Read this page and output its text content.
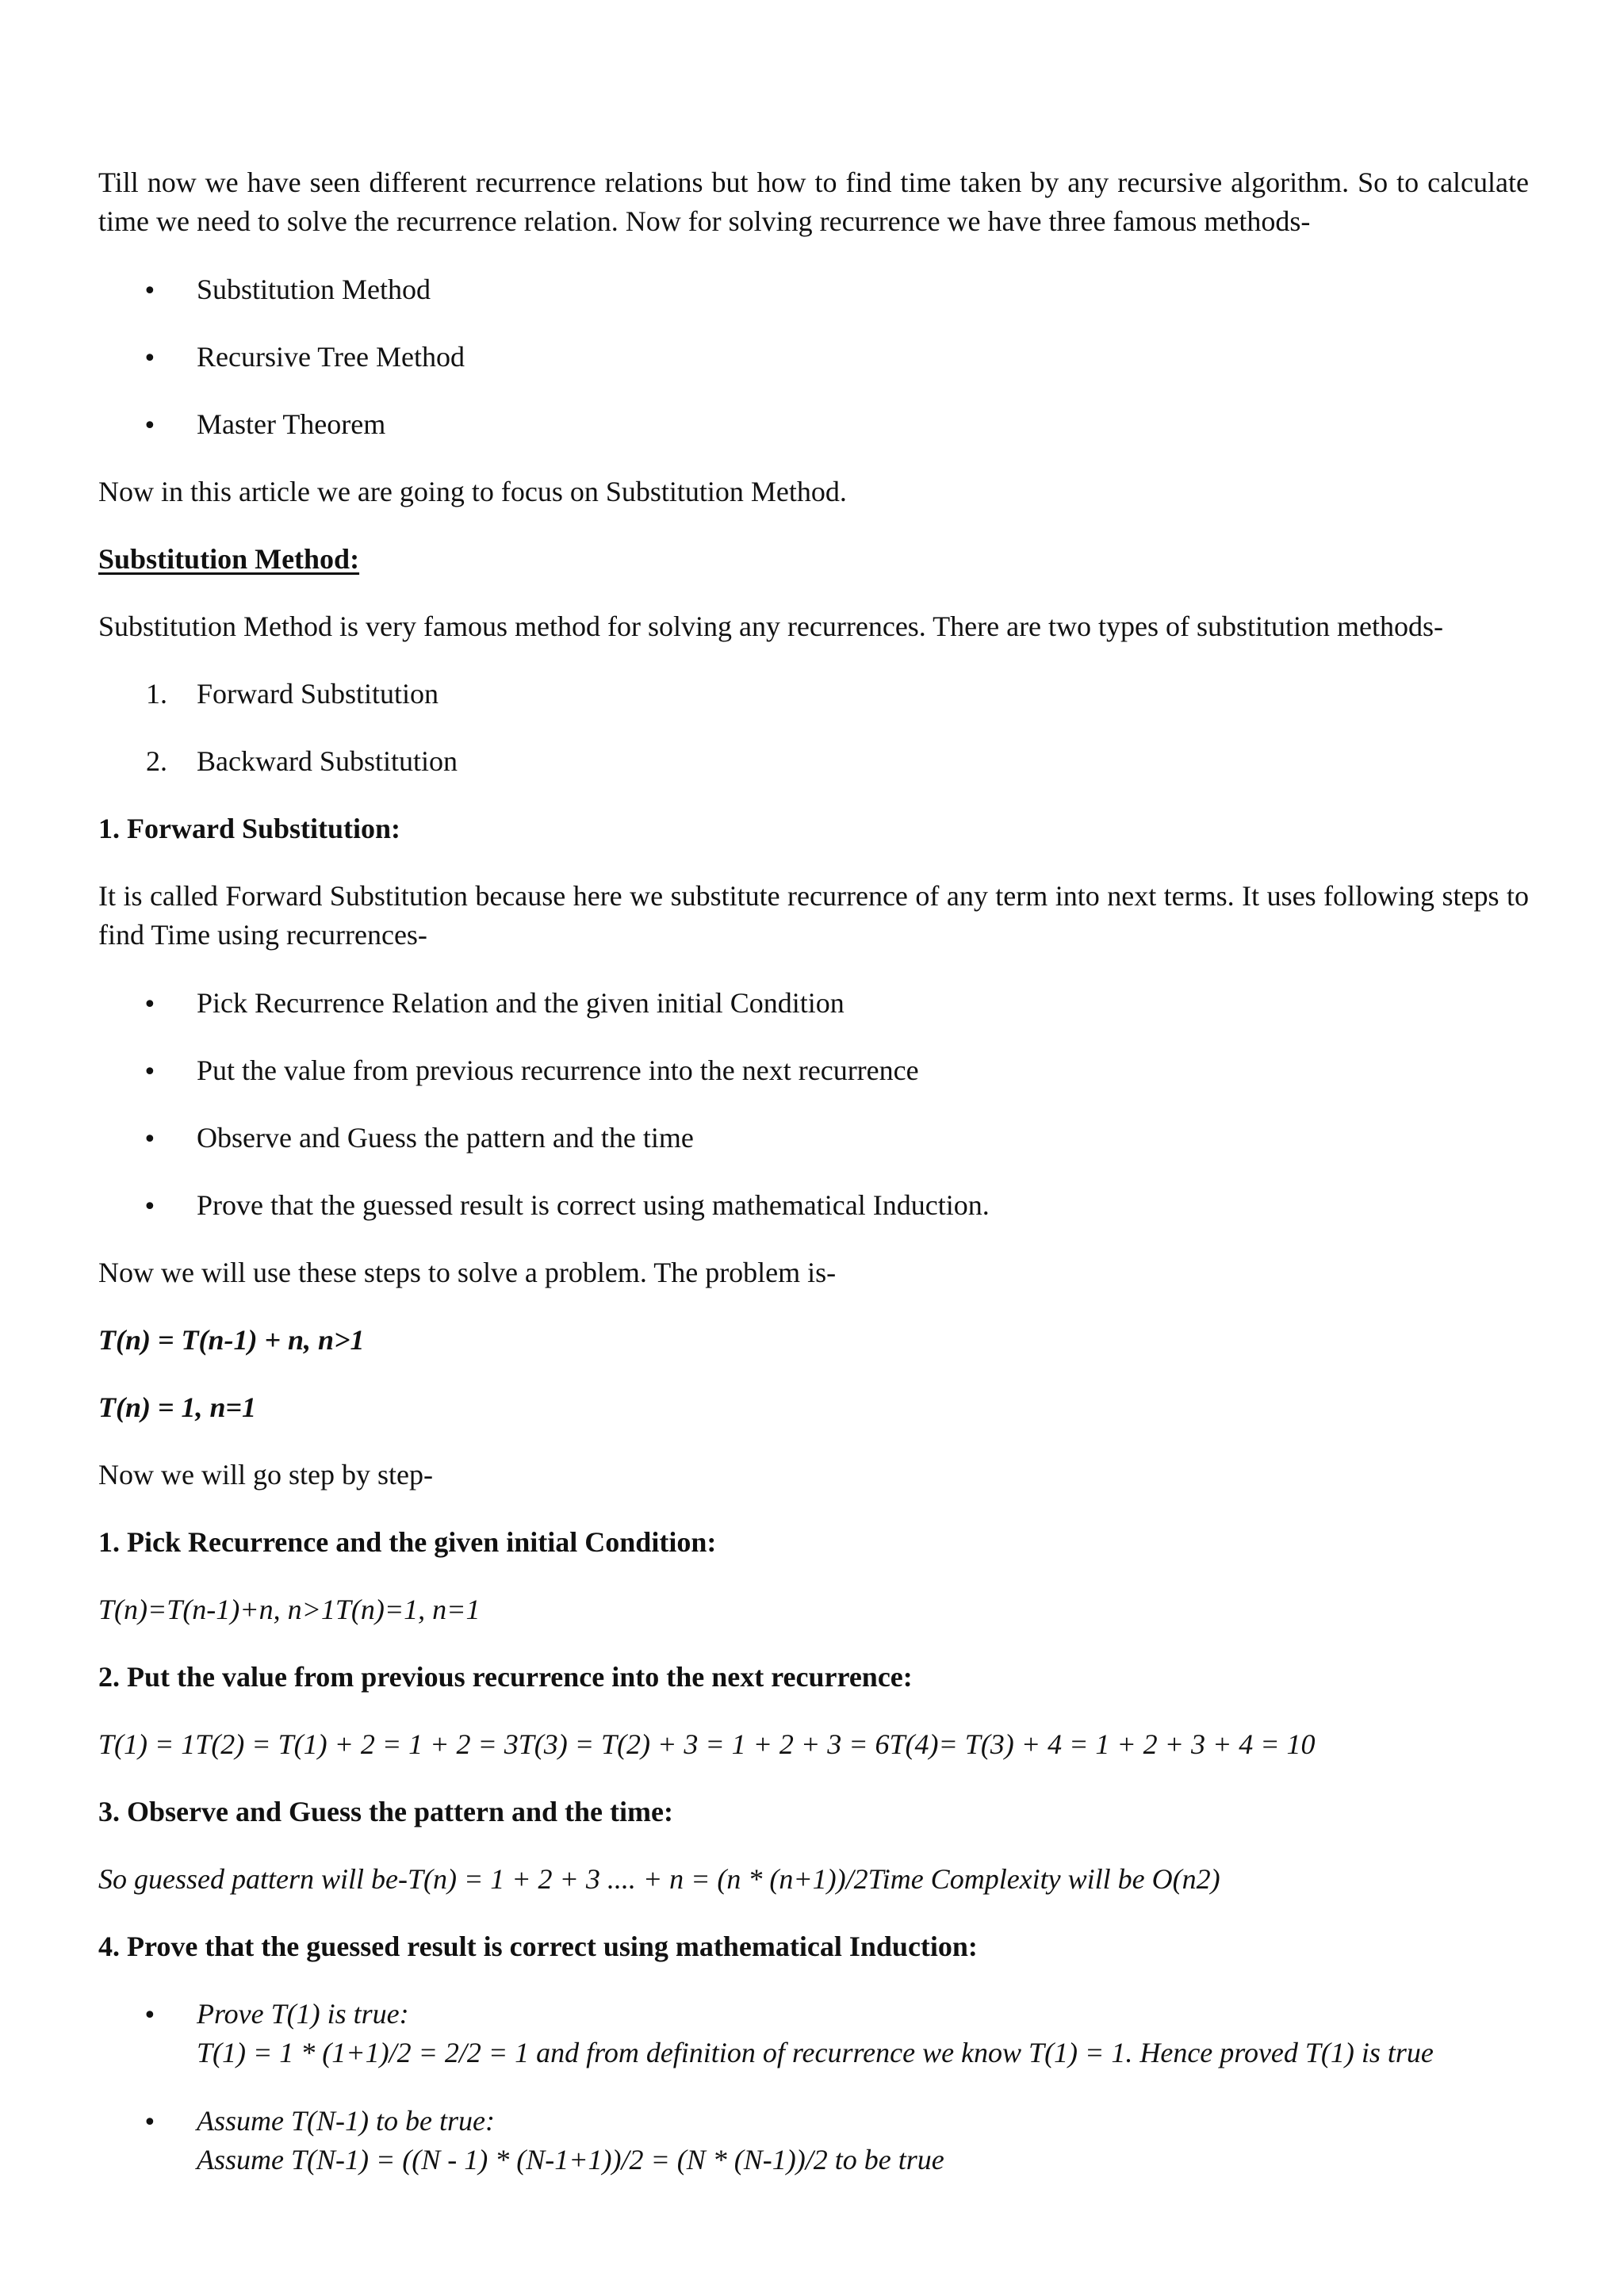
Till now we have seen different recurrence relations but how to find time taken by any recursive algorithm. So to calculate time we need to solve the recurrence relation. Now for solving recurrence we have three famous methods-

•
Substitution Method
•
Recursive Tree Method
•
Master Theorem

Now in this article we are going to focus on Substitution Method.

Substitution Method:

Substitution Method is very famous method for solving any recurrences. There are two types of substitution methods-

1.	Forward Substitution
2.	Backward Substitution

1. Forward Substitution:

It is called Forward Substitution because here we substitute recurrence of any term into next terms. It uses following steps to find Time using recurrences-

•
Pick Recurrence Relation and the given initial Condition
•
Put the value from previous recurrence into the next recurrence
•
Observe and Guess the pattern and the time
•
Prove that the guessed result is correct using mathematical Induction.

Now we will use these steps to solve a problem. The problem is-

T(n) = T(n-1) + n, n>1

T(n) = 1, n=1

Now we will go step by step-

1. Pick Recurrence and the given initial Condition:

T(n)=T(n-1)+n, n>1T(n)=1, n=1

2. Put the value from previous recurrence into the next recurrence:

T(1) = 1T(2) = T(1) + 2 = 1 + 2 = 3T(3) = T(2) + 3 = 1 + 2 + 3 = 6T(4)= T(3) + 4 = 1 + 2 + 3 + 4 = 10

3. Observe and Guess the pattern and the time:

So guessed pattern will be-T(n) = 1 + 2 + 3 .... + n = (n * (n+1))/2Time Complexity will be O(n2)

4. Prove that the guessed result is correct using mathematical Induction:

•
Prove T(1) is true:
T(1) = 1 * (1+1)/2 = 2/2 = 1 and from definition of recurrence we know T(1) = 1. Hence proved T(1) is true
•
Assume T(N-1) to be true:
Assume T(N-1) = ((N - 1) * (N-1+1))/2 = (N * (N-1))/2 to be true
